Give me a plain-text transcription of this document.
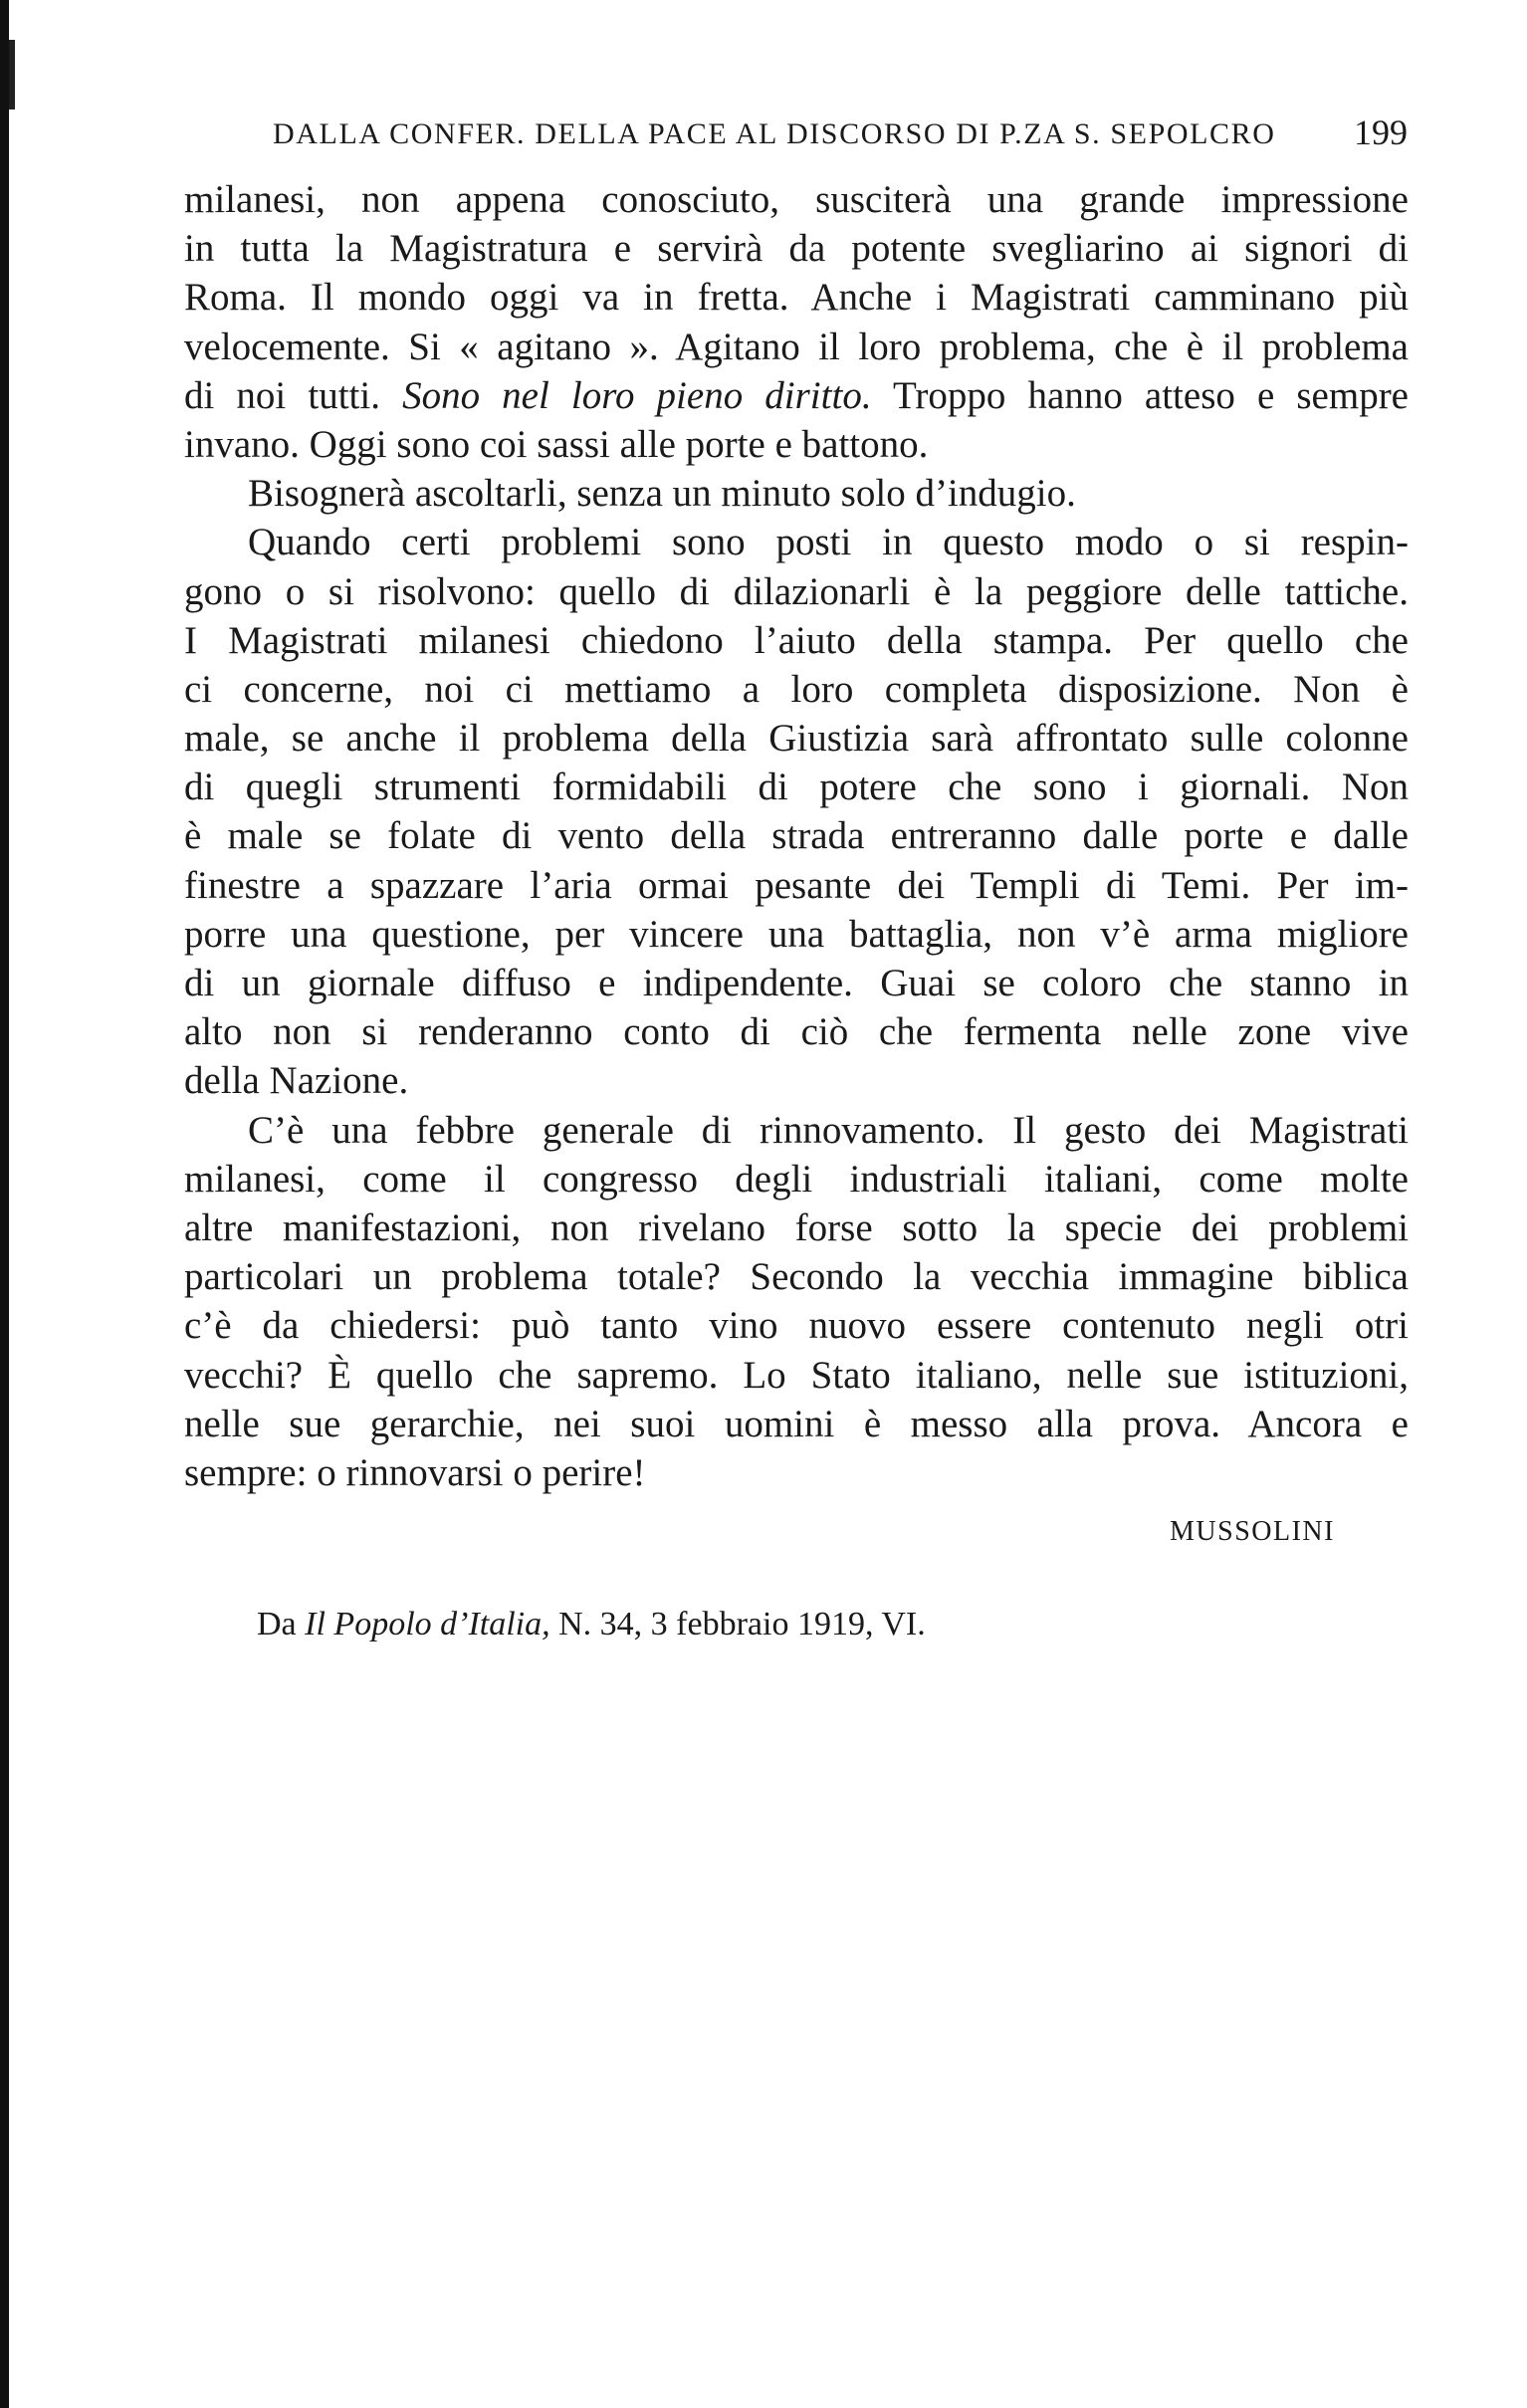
DALLA CONFER. DELLA PACE AL DISCORSO DI P.ZA S. SEPOLCRO 199
milanesi, non appena conosciuto, susciterà una grande impressione
in tutta la Magistratura e servirà da potente svegliarino ai signori di
Roma. Il mondo oggi va in fretta. Anche i Magistrati camminano più
velocemente. Si « agitano ». Agitano il loro problema, che è il problema
di noi tutti. Sono nel loro pieno diritto. Troppo hanno atteso e sempre
invano. Oggi sono coi sassi alle porte e battono.
Bisognerà ascoltarli, senza un minuto solo d’indugio.
Quando certi problemi sono posti in questo modo o si respin-
gono o si risolvono: quello di dilazionarli è la peggiore delle tattiche.
I Magistrati milanesi chiedono l’aiuto della stampa. Per quello che
ci concerne, noi ci mettiamo a loro completa disposizione. Non è
male, se anche il problema della Giustizia sarà affrontato sulle colonne
di quegli strumenti formidabili di potere che sono i giornali. Non
è male se folate di vento della strada entreranno dalle porte e dalle
finestre a spazzare l’aria ormai pesante dei Templi di Temi. Per im-
porre una questione, per vincere una battaglia, non v’è arma migliore
di un giornale diffuso e indipendente. Guai se coloro che stanno in
alto non si renderanno conto di ciò che fermenta nelle zone vive
della Nazione.
C’è una febbre generale di rinnovamento. Il gesto dei Magistrati
milanesi, come il congresso degli industriali italiani, come molte
altre manifestazioni, non rivelano forse sotto la specie dei problemi
particolari un problema totale? Secondo la vecchia immagine biblica
c’è da chiedersi: può tanto vino nuovo essere contenuto negli otri
vecchi? È quello che sapremo. Lo Stato italiano, nelle sue istituzioni,
nelle sue gerarchie, nei suoi uomini è messo alla prova. Ancora e
sempre: o rinnovarsi o perire!
MUSSOLINI
Da Il Popolo d’Italia, N. 34, 3 febbraio 1919, VI.
